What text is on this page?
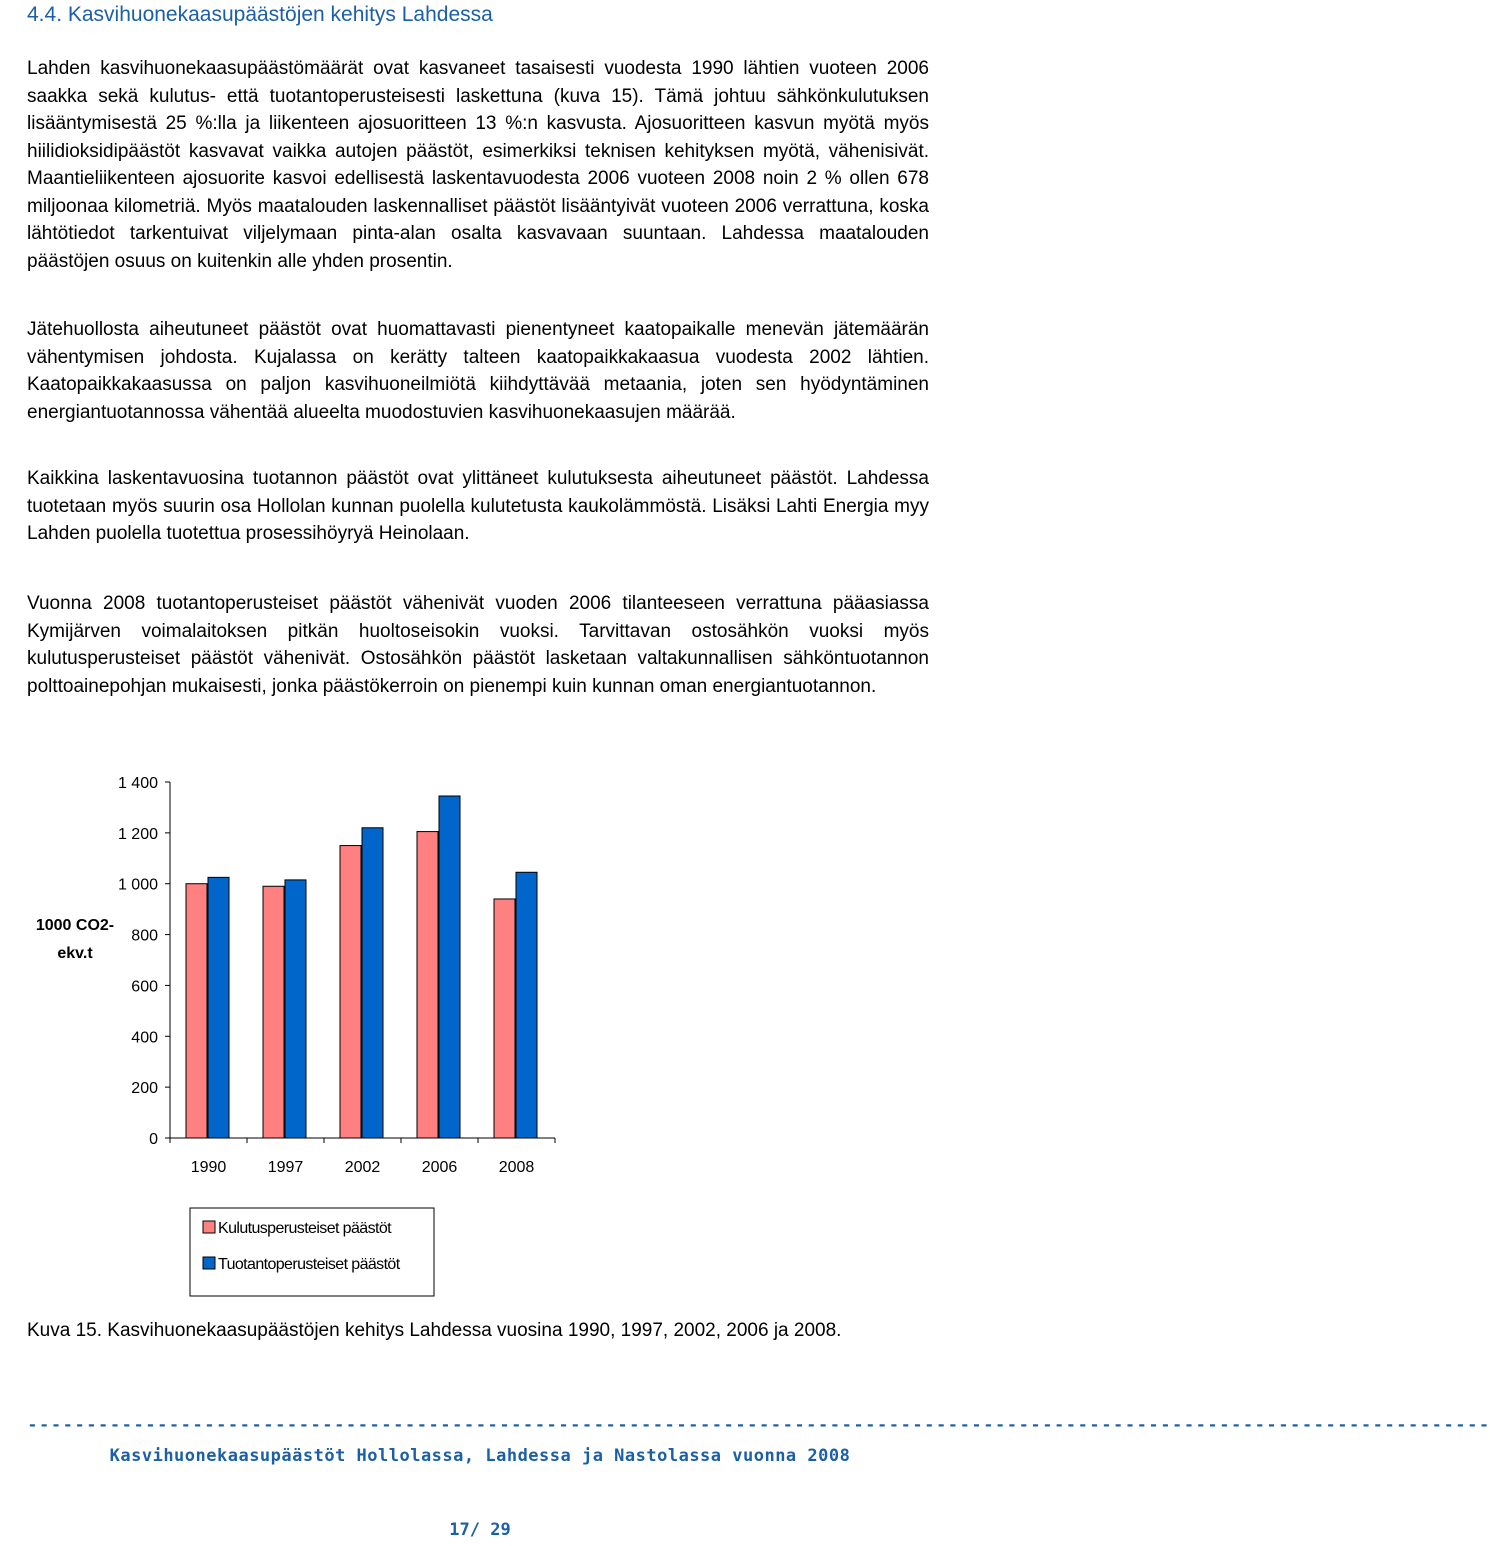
4.4. Kasvihuonekaasupäästöjen kehitys Lahdessa

Lahden kasvihuonekaasupäästömäärät ovat kasvaneet tasaisesti vuodesta 1990 lähtien vuoteen 2006 saakka sekä kulutus- että tuotantoperusteisesti laskettuna (kuva 15). Tämä johtuu sähkönkulutuksen lisääntymisestä 25 %:lla ja liikenteen ajosuoritteen 13 %:n kasvusta. Ajosuoritteen kasvun myötä myös hiilidioksidipäästöt kasvavat vaikka autojen päästöt, esimerkiksi teknisen kehityksen myötä, vähenisivät. Maantieliikenteen ajosuorite kasvoi edellisestä laskentavuodesta 2006 vuoteen 2008 noin 2 % ollen 678 miljoonaa kilometriä. Myös maatalouden laskennalliset päästöt lisääntyivät vuoteen 2006 verrattuna, koska lähtötiedot tarkentuivat viljelymaan pinta-alan osalta kasvavaan suuntaan. Lahdessa maatalouden päästöjen osuus on kuitenkin alle yhden prosentin.

Jätehuollosta aiheutuneet päästöt ovat huomattavasti pienentyneet kaatopaikalle menevän jätemäärän vähentymisen johdosta. Kujalassa on kerätty talteen kaatopaikkakaasua vuodesta 2002 lähtien. Kaatopaikkakaasussa on paljon kasvihuoneilmiötä kiihdyttävää metaania, joten sen hyödyntäminen energiantuotannossa vähentää alueelta muodostuvien kasvihuonekaasujen määrää.

Kaikkina laskentavuosina tuotannon päästöt ovat ylittäneet kulutuksesta aiheutuneet päästöt. Lahdessa tuotetaan myös suurin osa Hollolan kunnan puolella kulutetusta kaukolämmöstä. Lisäksi Lahti Energia myy Lahden puolella tuotettua prosessihöyryä Heinolaan.

Vuonna 2008 tuotantoperusteiset päästöt vähenivät vuoden 2006 tilanteeseen verrattuna pääasiassa Kymijärven voimalaitoksen pitkän huoltoseisokin vuoksi. Tarvittavan ostosähkön vuoksi myös kulutusperusteiset päästöt vähenivät. Ostosähkön päästöt lasketaan valtakunnallisen sähköntuotannon polttoainepohjan mukaisesti, jonka päästökerroin on pienempi kuin kunnan oman energiantuotannon.

1 400
1 200
1 000
800
600
400
200
0
1990	1997	2002	2006	2008
1000 CO2-
ekv.t
Kulutusperusteiset päästöt
Tuotantoperusteiset päästöt
Kuva 15. Kasvihuonekaasupäästöjen kehitys Lahdessa vuosina 1990, 1997, 2002, 2006 ja 2008.
----------------------------------------------------------------------------------------------------------------------------
Kasvihuonekaasupäästöt Hollolassa, Lahdessa ja Nastolassa vuonna 2008
17/ 29
